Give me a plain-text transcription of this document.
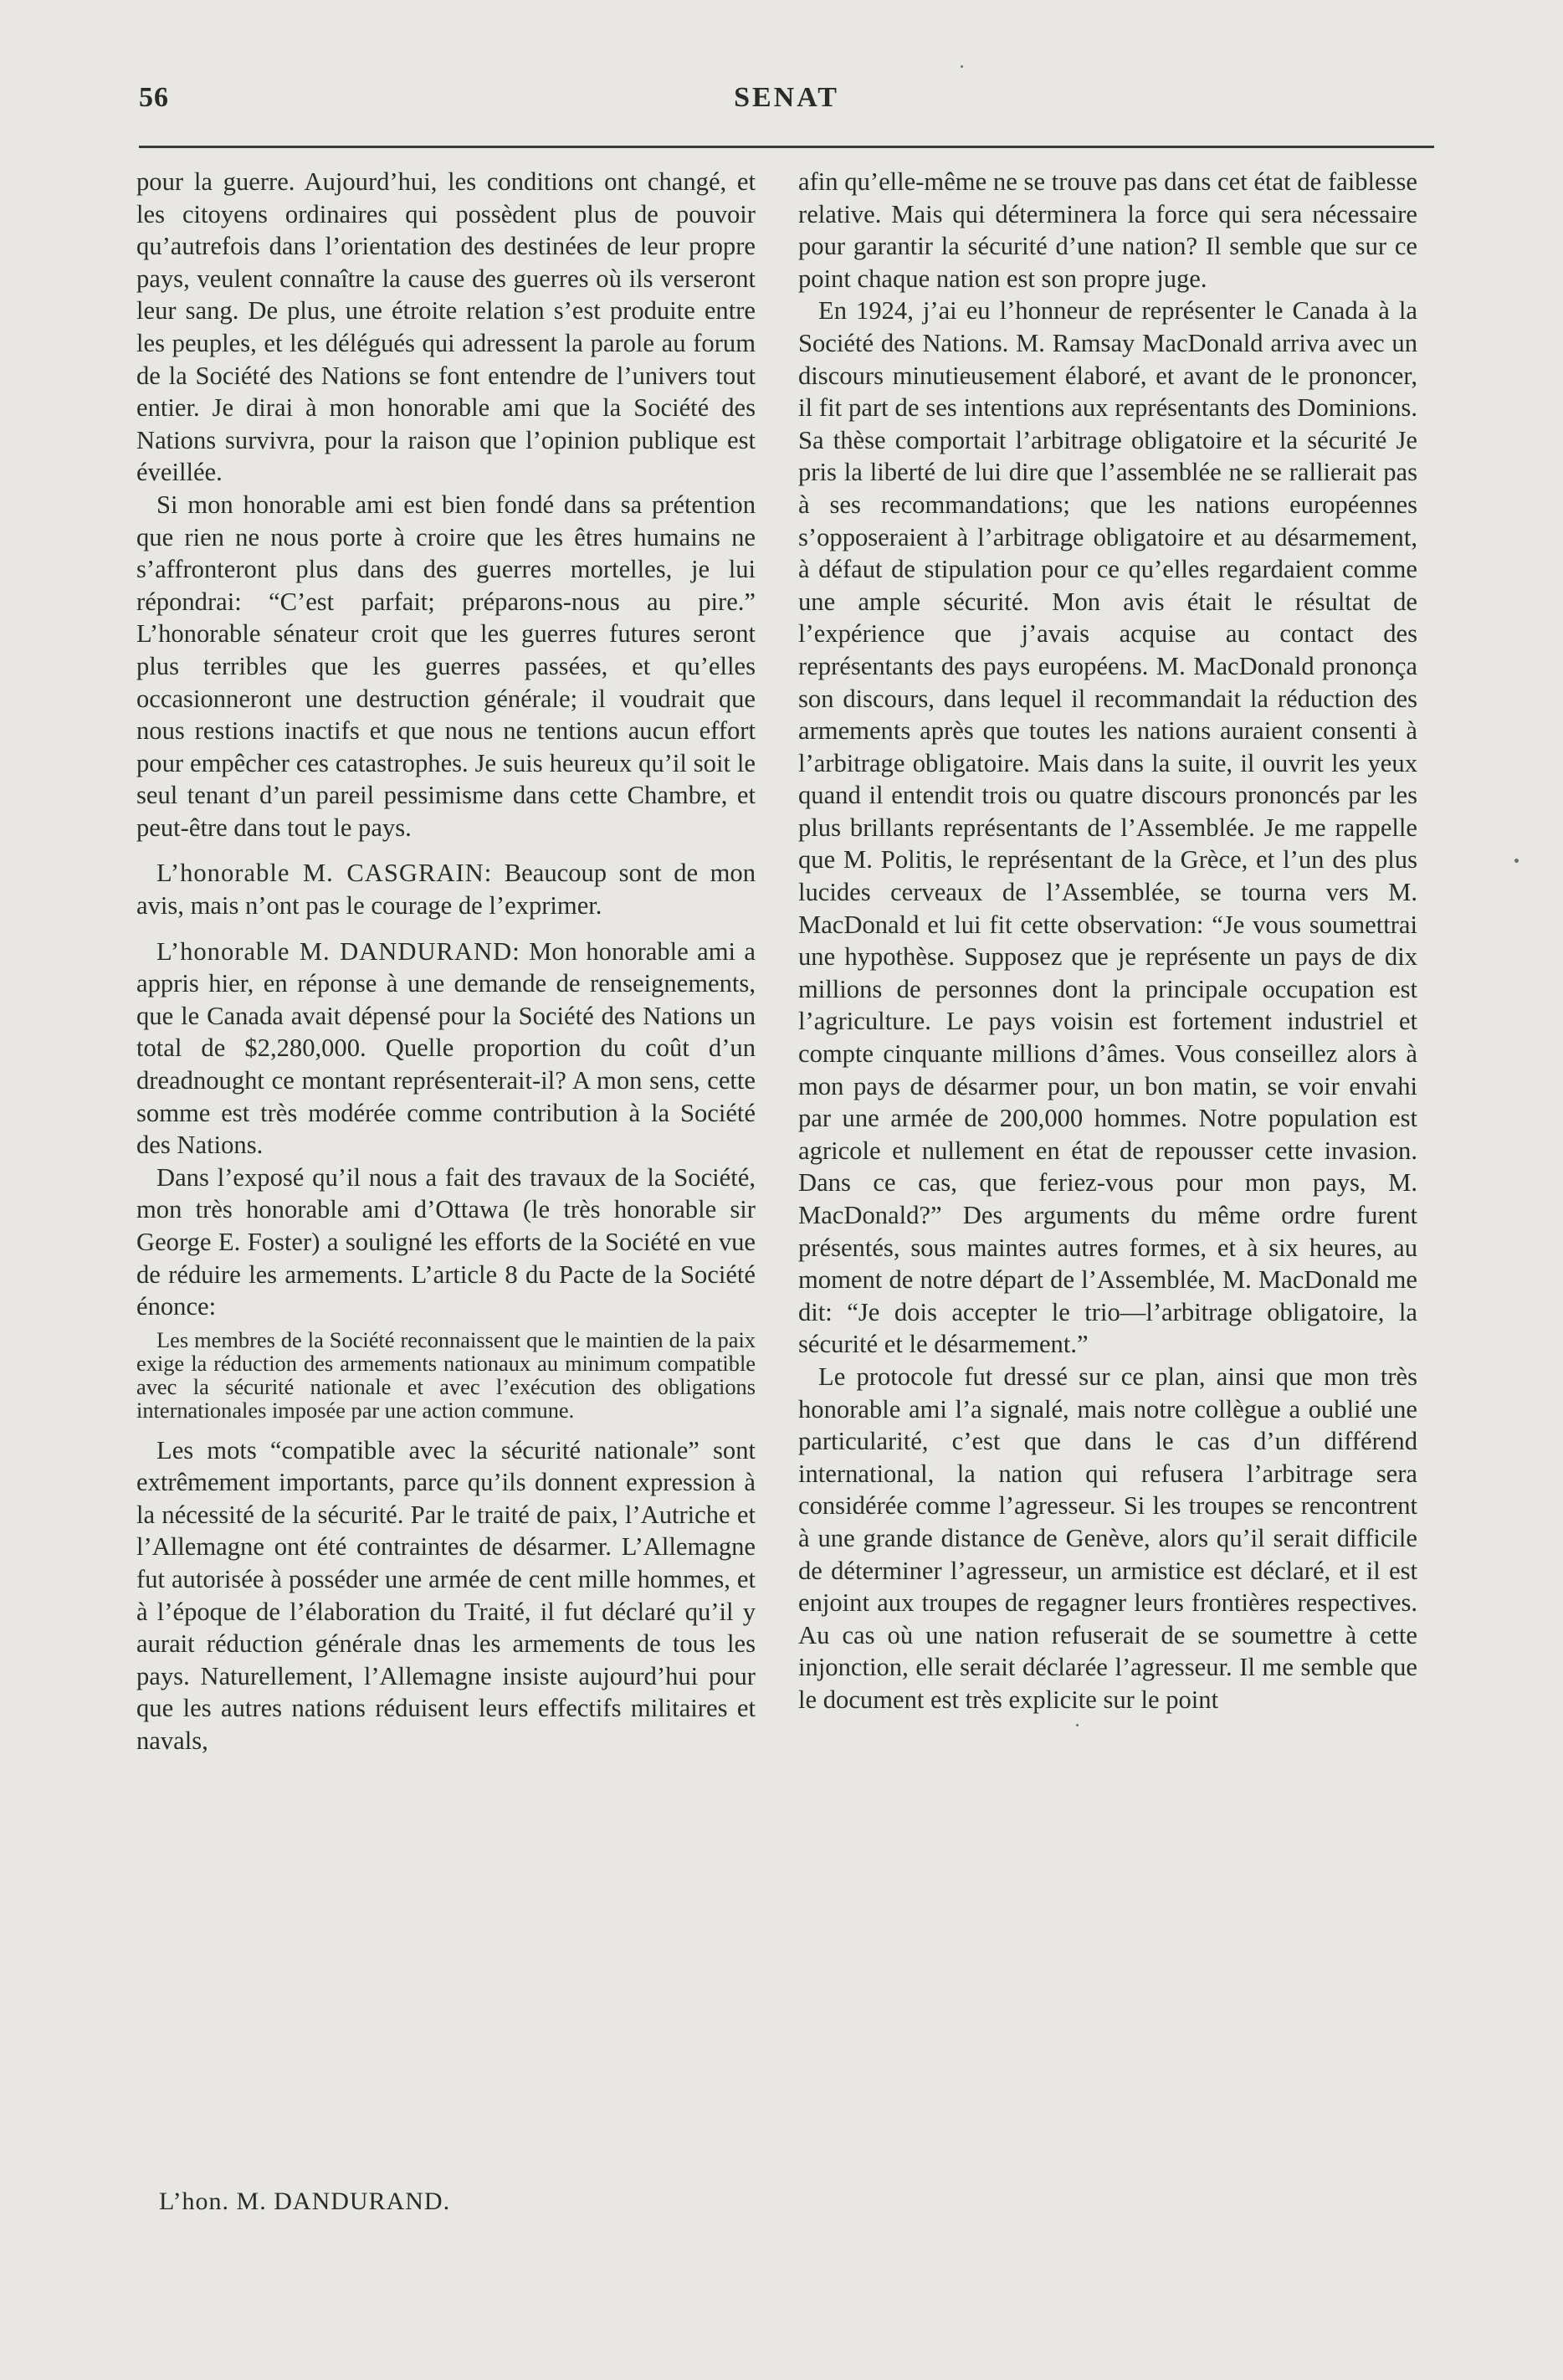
56	SENAT

pour la guerre. Aujourd’hui, les conditions ont changé, et les citoyens ordinaires qui possèdent plus de pouvoir qu’autrefois dans l’orientation des destinées de leur propre pays, veulent connaître la cause des guerres où ils verseront leur sang. De plus, une étroite relation s’est produite entre les peuples, et les délégués qui adressent la parole au forum de la Société des Nations se font entendre de l’univers tout entier. Je dirai à mon honorable ami que la Société des Nations survivra, pour la raison que l’opinion publique est éveillée.

Si mon honorable ami est bien fondé dans sa prétention que rien ne nous porte à croire que les êtres humains ne s’affronteront plus dans des guerres mortelles, je lui répondrai: “C’est parfait; préparons-nous au pire.” L’honorable sénateur croit que les guerres futures seront plus terribles que les guerres passées, et qu’elles occasionneront une destruction générale; il voudrait que nous restions inactifs et que nous ne tentions aucun effort pour empêcher ces catastrophes. Je suis heureux qu’il soit le seul tenant d’un pareil pessimisme dans cette Chambre, et peut-être dans tout le pays.

L’honorable M. CASGRAIN: Beaucoup sont de mon avis, mais n’ont pas le courage de l’exprimer.

L’honorable M. DANDURAND: Mon honorable ami a appris hier, en réponse à une demande de renseignements, que le Canada avait dépensé pour la Société des Nations un total de $2,280,000. Quelle proportion du coût d’un dreadnought ce montant représenterait-il? A mon sens, cette somme est très modérée comme contribution à la Société des Nations.

Dans l’exposé qu’il nous a fait des travaux de la Société, mon très honorable ami d’Ottawa (le très honorable sir George E. Foster) a souligné les efforts de la Société en vue de réduire les armements. L’article 8 du Pacte de la Société énonce:

Les membres de la Société reconnaissent que le maintien de la paix exige la réduction des armements nationaux au minimum compatible avec la sécurité nationale et avec l’exécution des obligations internationales imposée par une action commune.

Les mots “compatible avec la sécurité nationale” sont extrêmement importants, parce qu’ils donnent expression à la nécessité de la sécurité. Par le traité de paix, l’Autriche et l’Allemagne ont été contraintes de désarmer. L’Allemagne fut autorisée à posséder une armée de cent mille hommes, et à l’époque de l’élaboration du Traité, il fut déclaré qu’il y aurait réduction générale dnas les armements de tous les pays. Naturellement, l’Allemagne insiste aujourd’hui pour que les autres nations réduisent leurs effectifs militaires et navals,

afin qu’elle-même ne se trouve pas dans cet état de faiblesse relative. Mais qui déterminera la force qui sera nécessaire pour garantir la sécurité d’une nation? Il semble que sur ce point chaque nation est son propre juge.

En 1924, j’ai eu l’honneur de représenter le Canada à la Société des Nations. M. Ramsay MacDonald arriva avec un discours minutieusement élaboré, et avant de le prononcer, il fit part de ses intentions aux représentants des Dominions. Sa thèse comportait l’arbitrage obligatoire et la sécurité Je pris la liberté de lui dire que l’assemblée ne se rallierait pas à ses recommandations; que les nations européennes s’opposeraient à l’arbitrage obligatoire et au désarmement, à défaut de stipulation pour ce qu’elles regardaient comme une ample sécurité. Mon avis était le résultat de l’expérience que j’avais acquise au contact des représentants des pays européens. M. MacDonald prononça son discours, dans lequel il recommandait la réduction des armements après que toutes les nations auraient consenti à l’arbitrage obligatoire. Mais dans la suite, il ouvrit les yeux quand il entendit trois ou quatre discours prononcés par les plus brillants représentants de l’Assemblée. Je me rappelle que M. Politis, le représentant de la Grèce, et l’un des plus lucides cerveaux de l’Assemblée, se tourna vers M. MacDonald et lui fit cette observation: “Je vous soumettrai une hypothèse. Supposez que je représente un pays de dix millions de personnes dont la principale occupation est l’agriculture. Le pays voisin est fortement industriel et compte cinquante millions d’âmes. Vous conseillez alors à mon pays de désarmer pour, un bon matin, se voir envahi par une armée de 200,000 hommes. Notre population est agricole et nullement en état de repousser cette invasion. Dans ce cas, que feriez-vous pour mon pays, M. MacDonald?” Des arguments du même ordre furent présentés, sous maintes autres formes, et à six heures, au moment de notre départ de l’Assemblée, M. MacDonald me dit: “Je dois accepter le trio—l’arbitrage obligatoire, la sécurité et le désarmement.”

Le protocole fut dressé sur ce plan, ainsi que mon très honorable ami l’a signalé, mais notre collègue a oublié une particularité, c’est que dans le cas d’un différend international, la nation qui refusera l’arbitrage sera considérée comme l’agresseur. Si les troupes se rencontrent à une grande distance de Genève, alors qu’il serait difficile de déterminer l’agresseur, un armistice est déclaré, et il est enjoint aux troupes de regagner leurs frontières respectives. Au cas où une nation refuserait de se soumettre à cette injonction, elle serait déclarée l’agresseur. Il me semble que le document est très explicite sur le point

L’hon. M. DANDURAND.
